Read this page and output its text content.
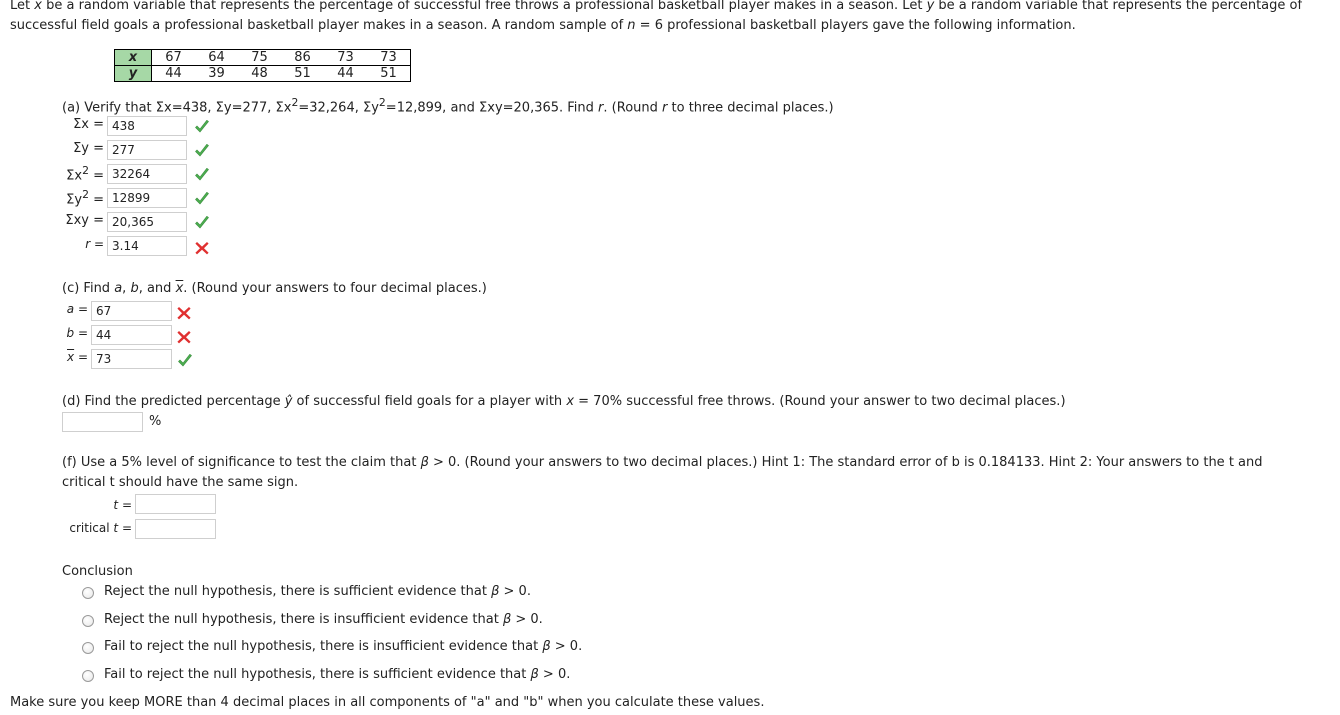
Let x be a random variable that represents the percentage of successful free throws a professional basketball player makes in a season. Let y be a random variable that represents the percentage of
successful field goals a professional basketball player makes in a season. A random sample of n = 6 professional basketball players gave the following information.
x	67	64	75	86	73	73
y	44	39	48	51	44	51
(a) Verify that Σx=438, Σy=277, $\Sigma x^2=32,264$, $\Sigma y^2=12,899$, and Σxy=20,365. Find r. (Round r to three decimal places.)
Σx =
438
Σy =
277
$\Sigma x^2$ =
32264
$\Sigma y^2$ =
12899
Σxy =
20,365
r =
3.14
(c) Find a, b, and $\overline{x}$. (Round your answers to four decimal places.)
a =
67
b =
44
$\overline{x}$ =
73
(d) Find the predicted percentage ŷ of successful field goals for a player with x = 70% successful free throws. (Round your answer to two decimal places.)
%
(f) Use a 5% level of significance to test the claim that β > 0. (Round your answers to two decimal places.) Hint 1: The standard error of b is 0.184133. Hint 2: Your answers to the t and
critical t should have the same sign.
t =
critical t =
Conclusion
Reject the null hypothesis, there is sufficient evidence that β > 0.
Reject the null hypothesis, there is insufficient evidence that β > 0.
Fail to reject the null hypothesis, there is insufficient evidence that β > 0.
Fail to reject the null hypothesis, there is sufficient evidence that β > 0.
Make sure you keep MORE than 4 decimal places in all components of "a" and "b" when you calculate these values.
